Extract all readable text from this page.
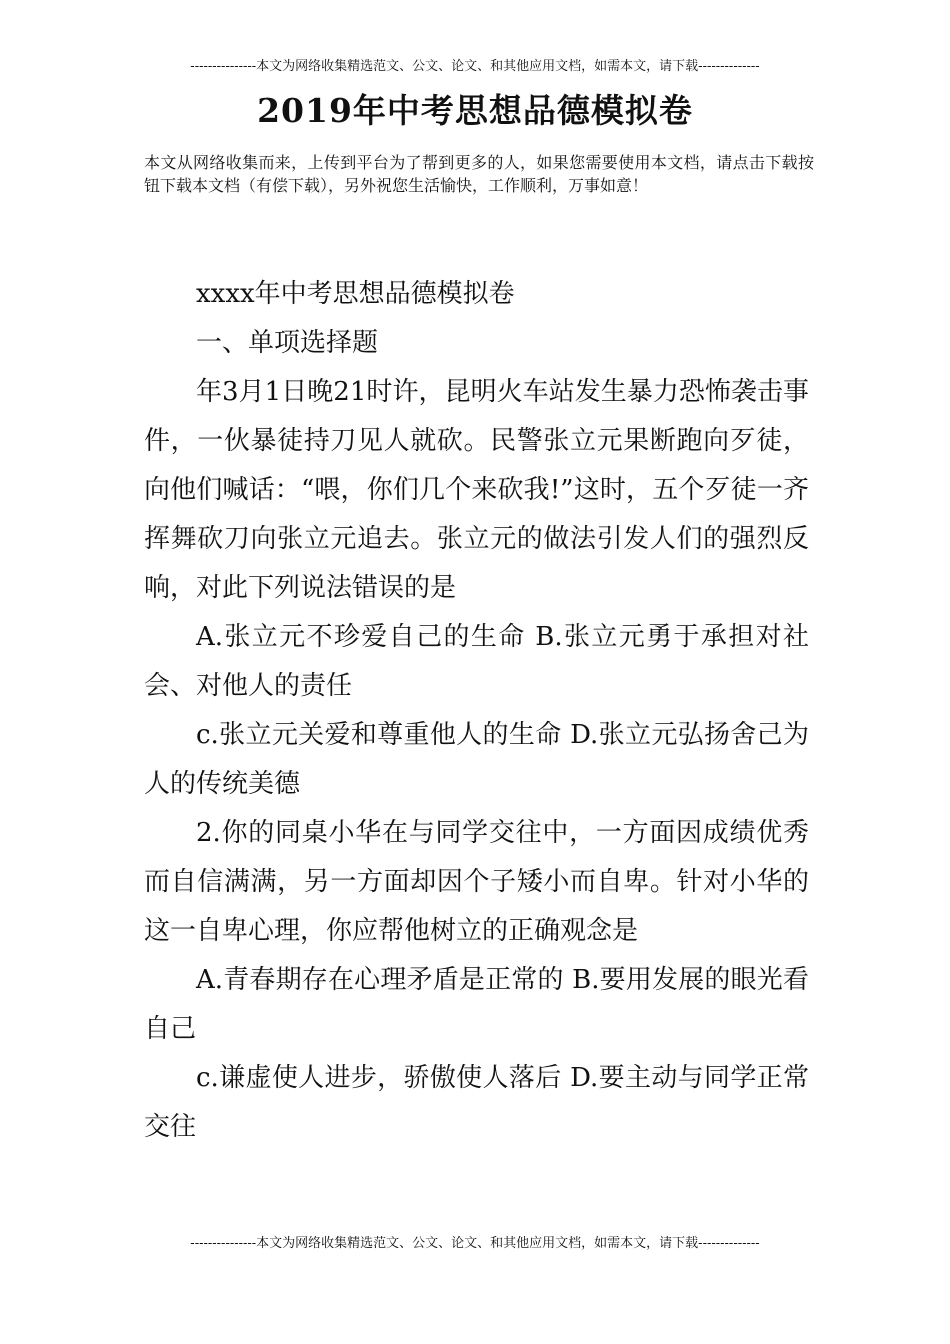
---------------本文为网络收集精选范文、公文、论文、和其他应用文档，如需本文，请下载--------------
2019年中考思想品德模拟卷
本文从网络收集而来，上传到平台为了帮到更多的人，如果您需要使用本文档，请点击下载按钮下载本文档（有偿下载），另外祝您生活愉快，工作顺利，万事如意！

xxxx年中考思想品德模拟卷

一、单项选择题

年3月1日晚21时许，昆明火车站发生暴力恐怖袭击事件，一伙暴徒持刀见人就砍。民警张立元果断跑向歹徒，向他们喊话：“喂，你们几个来砍我!”这时，五个歹徒一齐挥舞砍刀向张立元追去。张立元的做法引发人们的强烈反响，对此下列说法错误的是

A.张立元不珍爱自己的生命 B.张立元勇于承担对社会、对他人的责任

c.张立元关爱和尊重他人的生命 D.张立元弘扬舍己为人的传统美德

2.你的同桌小华在与同学交往中，一方面因成绩优秀而自信满满，另一方面却因个子矮小而自卑。针对小华的这一自卑心理，你应帮他树立的正确观念是

A.青春期存在心理矛盾是正常的 B.要用发展的眼光看自己

c.谦虚使人进步，骄傲使人落后 D.要主动与同学正常交往

---------------本文为网络收集精选范文、公文、论文、和其他应用文档，如需本文，请下载--------------
